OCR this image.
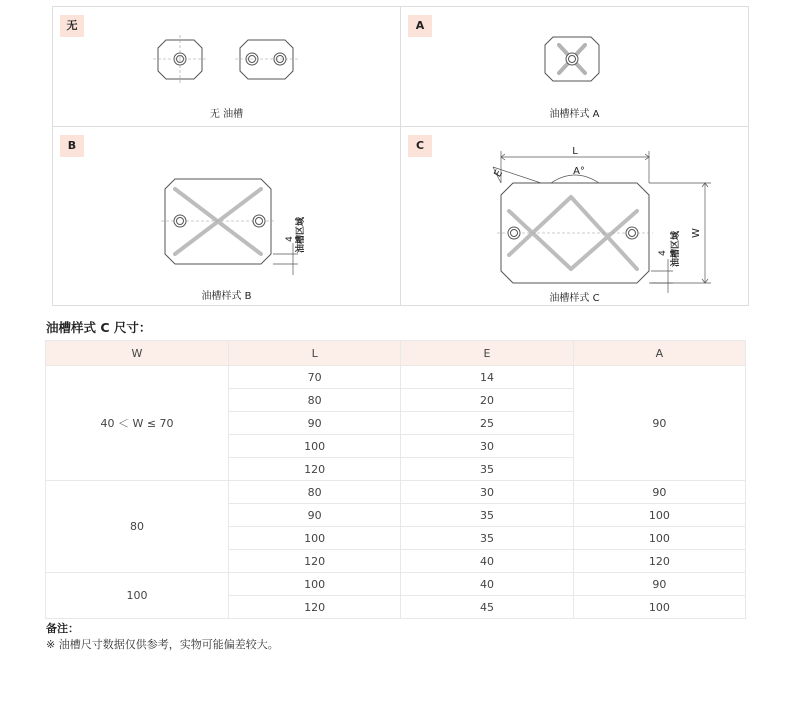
无
无 油槽
A
油槽样式 A
B
4 油槽区域
油槽样式 B
C	L
A°
E
W
4 油槽区域
油槽样式 C
油槽样式 C 尺寸：
W	L	E	A
40 ＜ W ≤ 70	70	14	90
	80	20	
	90	25	
	100	30	
	120	35	
80	80	30	90
	90	35	100
	100	35	100
	120	40	120
100	100	40	90
	120	45	100
备注：
※ 油槽尺寸数据仅供参考，实物可能偏差较大。
